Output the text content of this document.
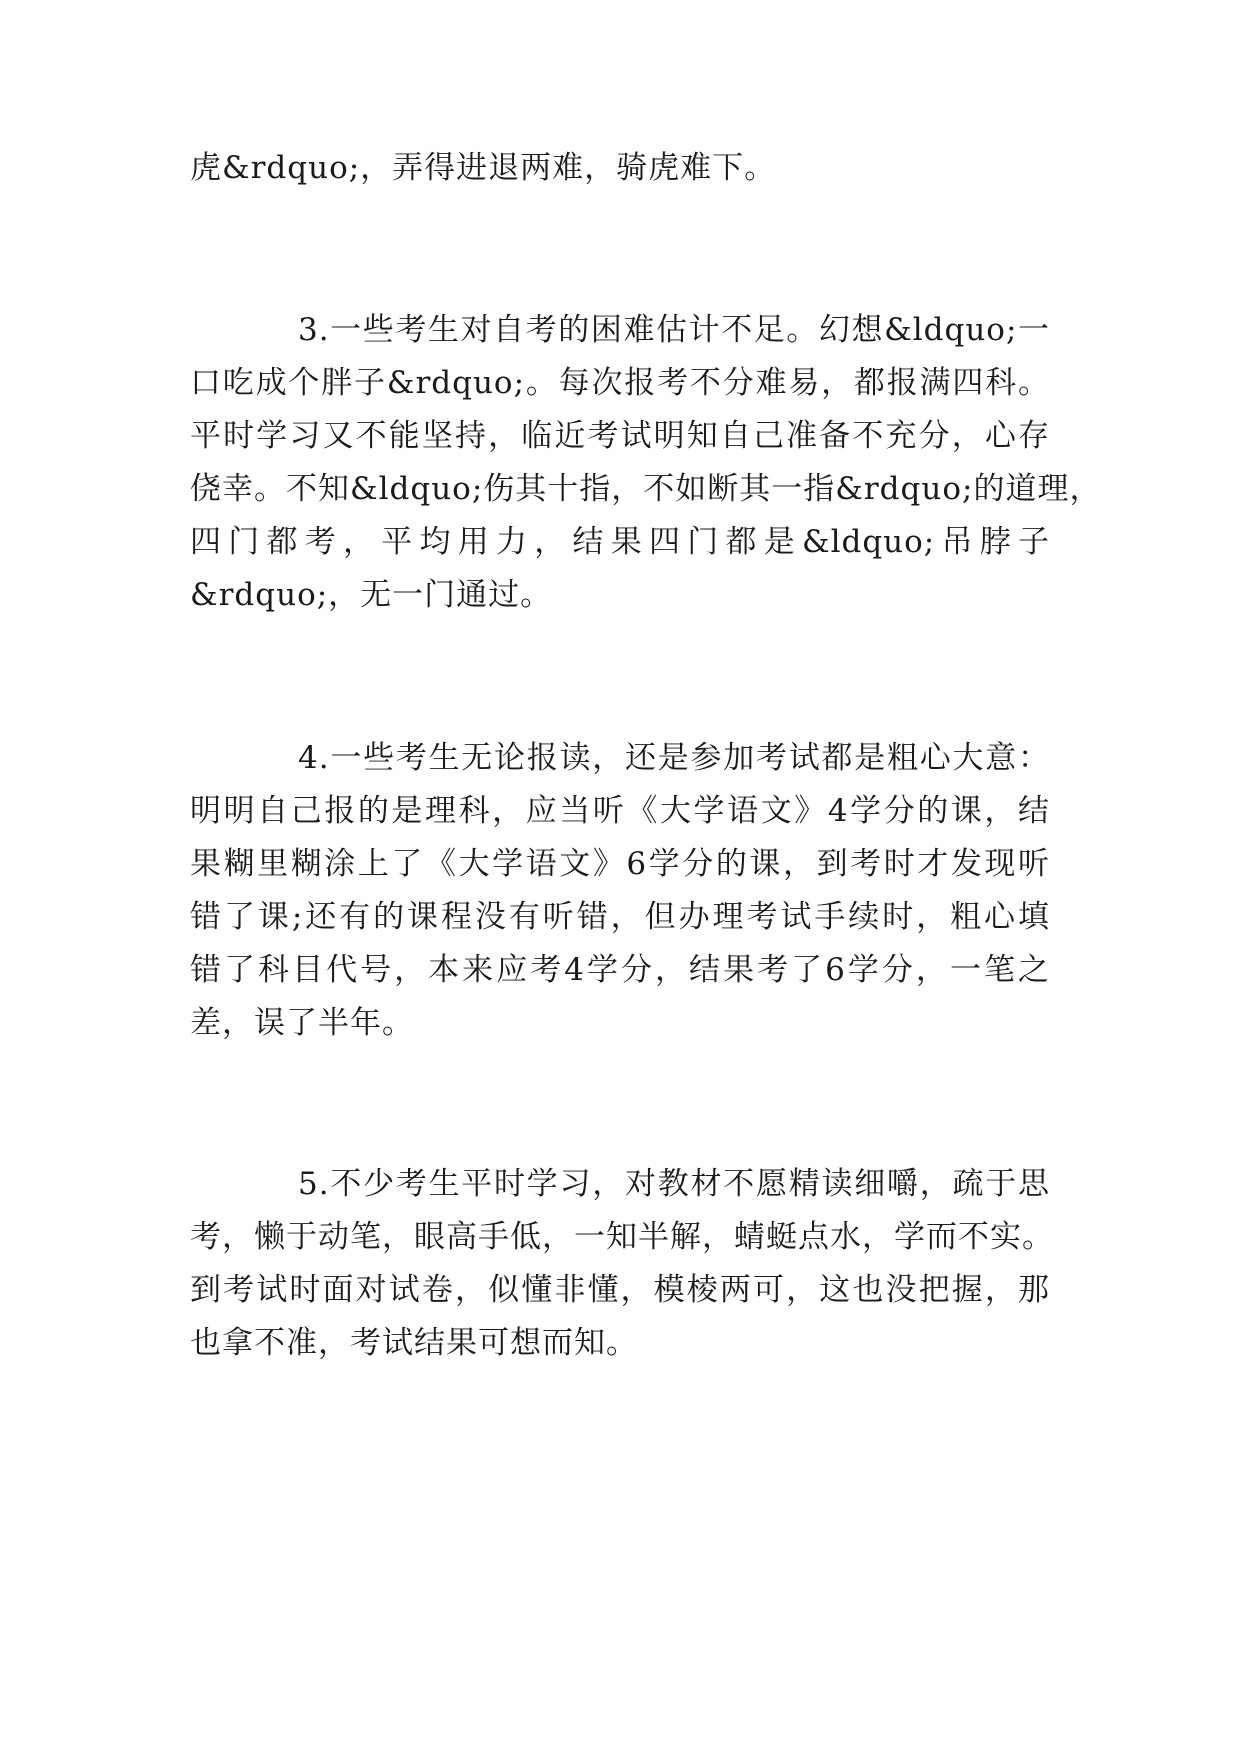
虎&rdquo;，弄得进退两难，骑虎难下。
3.一些考生对自考的困难估计不足。幻想&ldquo;一
口吃成个胖子&rdquo;。每次报考不分难易，都报满四科。
平时学习又不能坚持，临近考试明知自己准备不充分，心存
侥幸。不知&ldquo;伤其十指，不如断其一指&rdquo;的道理，
四门都考，平均用力，结果四门都是&ldquo;吊脖子
&rdquo;，无一门通过。
4.一些考生无论报读，还是参加考试都是粗心大意：
明明自己报的是理科，应当听《大学语文》4学分的课，结
果糊里糊涂上了《大学语文》6学分的课，到考时才发现听
错了课;还有的课程没有听错，但办理考试手续时，粗心填
错了科目代号，本来应考4学分，结果考了6学分，一笔之
差，误了半年。
5.不少考生平时学习，对教材不愿精读细嚼，疏于思
考，懒于动笔，眼高手低，一知半解，蜻蜓点水，学而不实。
到考试时面对试卷，似懂非懂，模棱两可，这也没把握，那
也拿不准，考试结果可想而知。
